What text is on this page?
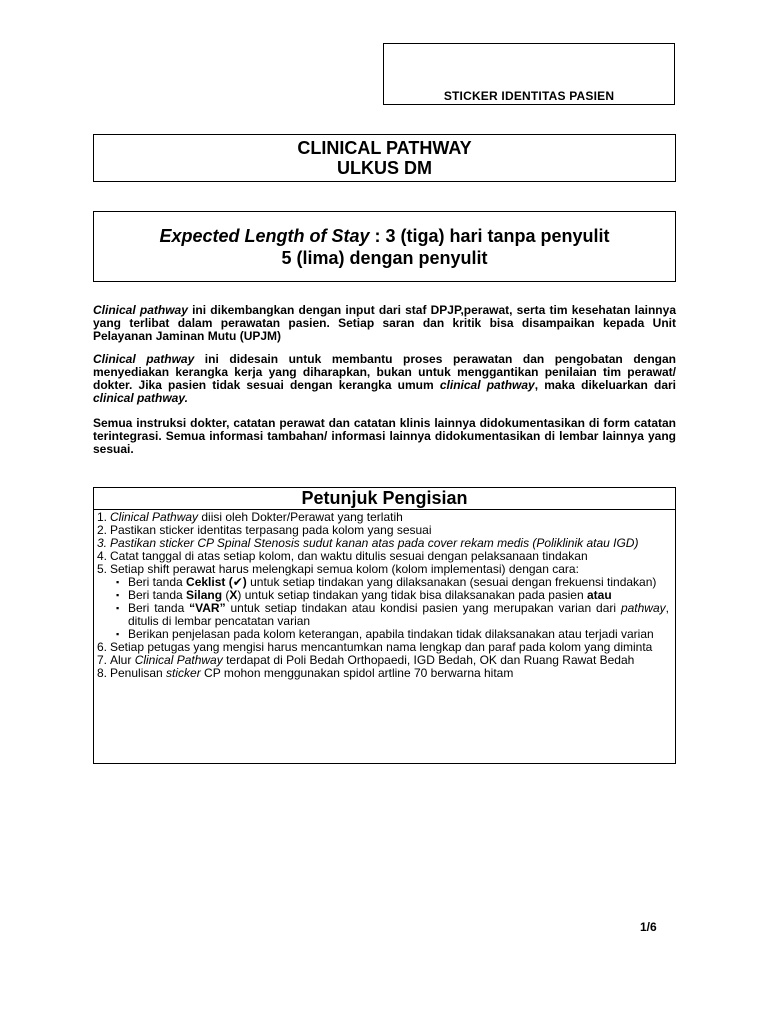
STICKER IDENTITAS PASIEN
CLINICAL PATHWAY
ULKUS DM
Expected Length of Stay : 3 (tiga) hari tanpa penyulit
5 (lima) dengan penyulit
Clinical pathway ini dikembangkan dengan input dari staf DPJP,perawat, serta tim kesehatan lainnya yang terlibat dalam perawatan pasien. Setiap saran dan kritik bisa disampaikan kepada Unit Pelayanan Jaminan Mutu (UPJM)
Clinical pathway ini didesain untuk membantu proses perawatan dan pengobatan dengan menyediakan kerangka kerja yang diharapkan, bukan untuk menggantikan penilaian tim perawat/ dokter. Jika pasien tidak sesuai dengan kerangka umum clinical pathway, maka dikeluarkan dari clinical pathway.
Semua instruksi dokter, catatan perawat dan catatan klinis lainnya didokumentasikan di form catatan terintegrasi. Semua informasi tambahan/ informasi lainnya didokumentasikan di lembar lainnya yang sesuai.
Petunjuk Pengisian
1. Clinical Pathway diisi oleh Dokter/Perawat yang terlatih
2. Pastikan sticker identitas terpasang pada kolom yang sesuai
3. Pastikan sticker CP Spinal Stenosis sudut kanan atas pada cover rekam medis (Poliklinik atau IGD)
4. Catat tanggal di atas setiap kolom, dan waktu ditulis sesuai dengan pelaksanaan tindakan
5. Setiap shift perawat harus melengkapi semua kolom (kolom implementasi) dengan cara:
▪ Beri tanda Ceklist (✔) untuk setiap tindakan yang dilaksanakan (sesuai dengan frekuensi tindakan)
▪ Beri tanda Silang (X) untuk setiap tindakan yang tidak bisa dilaksanakan pada pasien atau
▪ Beri tanda “VAR” untuk setiap tindakan atau kondisi pasien yang merupakan varian dari pathway, ditulis di lembar pencatatan varian
▪ Berikan penjelasan pada kolom keterangan, apabila tindakan tidak dilaksanakan atau terjadi varian
6. Setiap petugas yang mengisi harus mencantumkan nama lengkap dan paraf pada kolom yang diminta
7. Alur Clinical Pathway terdapat di Poli Bedah Orthopaedi, IGD Bedah, OK dan Ruang Rawat Bedah
8. Penulisan sticker CP mohon menggunakan spidol artline 70 berwarna hitam
1/6
